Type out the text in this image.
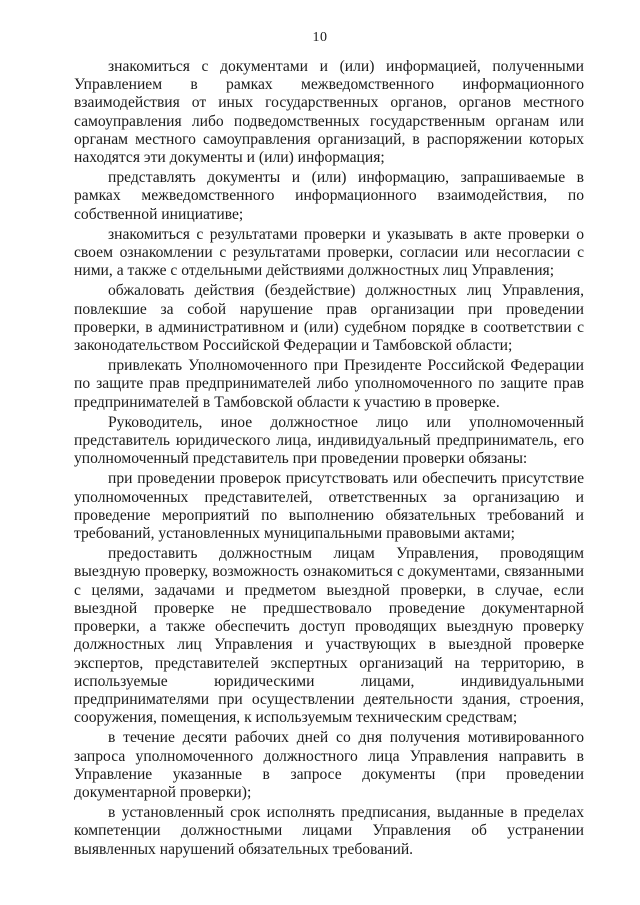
10

знакомиться с документами и (или) информацией, полученными Управлением в рамках межведомственного информационного взаимодействия от иных государственных органов, органов местного самоуправления либо подведомственных государственным органам или органам местного самоуправления организаций, в распоряжении которых находятся эти документы и (или) информация;

представлять документы и (или) информацию, запрашиваемые в рамках межведомственного информационного взаимодействия, по собственной инициативе;

знакомиться с результатами проверки и указывать в акте проверки о своем ознакомлении с результатами проверки, согласии или несогласии с ними, а также с отдельными действиями должностных лиц Управления;

обжаловать действия (бездействие) должностных лиц Управления, повлекшие за собой нарушение прав организации при проведении проверки, в административном и (или) судебном порядке в соответствии с законодательством Российской Федерации и Тамбовской области;

привлекать Уполномоченного при Президенте Российской Федерации по защите прав предпринимателей либо уполномоченного по защите прав предпринимателей в Тамбовской области к участию в проверке.

Руководитель, иное должностное лицо или уполномоченный представитель юридического лица, индивидуальный предприниматель, его уполномоченный представитель при проведении проверки обязаны:

при проведении проверок присутствовать или обеспечить присутствие уполномоченных представителей, ответственных за организацию и проведение мероприятий по выполнению обязательных требований и требований, установленных муниципальными правовыми актами;

предоставить должностным лицам Управления, проводящим выездную проверку, возможность ознакомиться с документами, связанными с целями, задачами и предметом выездной проверки, в случае, если выездной проверке не предшествовало проведение документарной проверки, а также обеспечить доступ проводящих выездную проверку должностных лиц Управления и участвующих в выездной проверке экспертов, представителей экспертных организаций на территорию, в используемые юридическими лицами, индивидуальными предпринимателями при осуществлении деятельности здания, строения, сооружения, помещения, к используемым техническим средствам;

в течение десяти рабочих дней со дня получения мотивированного запроса уполномоченного должностного лица Управления направить в Управление указанные в запросе документы (при проведении документарной проверки);

в установленный срок исполнять предписания, выданные в пределах компетенции должностными лицами Управления об устранении выявленных нарушений обязательных требований.
